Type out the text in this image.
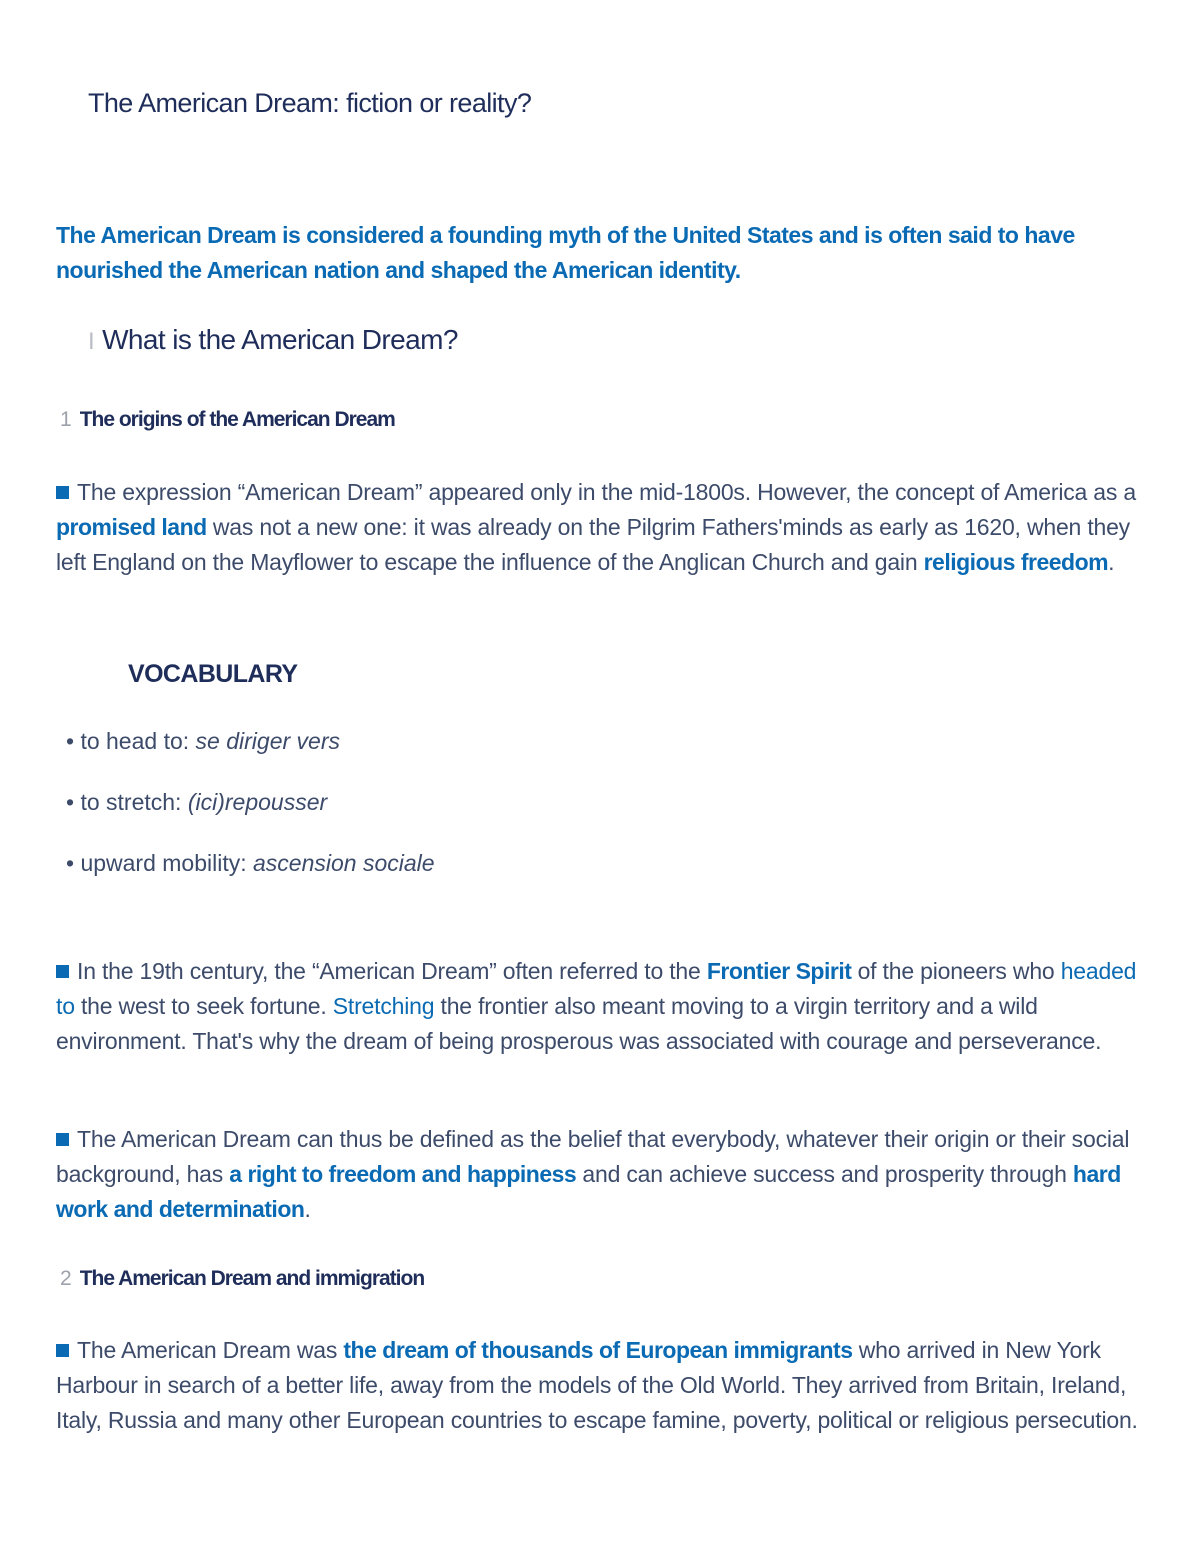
The American Dream: fiction or reality?

The American Dream is considered a founding myth of the United States and is often said to have nourished the American nation and shaped the American identity.

I What is the American Dream?
1 The origins of the American Dream

The expression “American Dream” appeared only in the mid-1800s. However, the concept of America as a promised land was not a new one: it was already on the Pilgrim Fathers'minds as early as 1620, when they left England on the Mayflower to escape the influence of the Anglican Church and gain religious freedom.

VOCABULARY
• to head to: se diriger vers
• to stretch: (ici)repousser
• upward mobility: ascension sociale

In the 19th century, the “American Dream” often referred to the Frontier Spirit of the pioneers who headed to the west to seek fortune. Stretching the frontier also meant moving to a virgin territory and a wild environment. That's why the dream of being prosperous was associated with courage and perseverance.

The American Dream can thus be defined as the belief that everybody, whatever their origin or their social background, has a right to freedom and happiness and can achieve success and prosperity through hard work and determination.

2 The American Dream and immigration

The American Dream was the dream of thousands of European immigrants who arrived in New York Harbour in search of a better life, away from the models of the Old World. They arrived from Britain, Ireland, Italy, Russia and many other European countries to escape famine, poverty, political or religious persecution.
